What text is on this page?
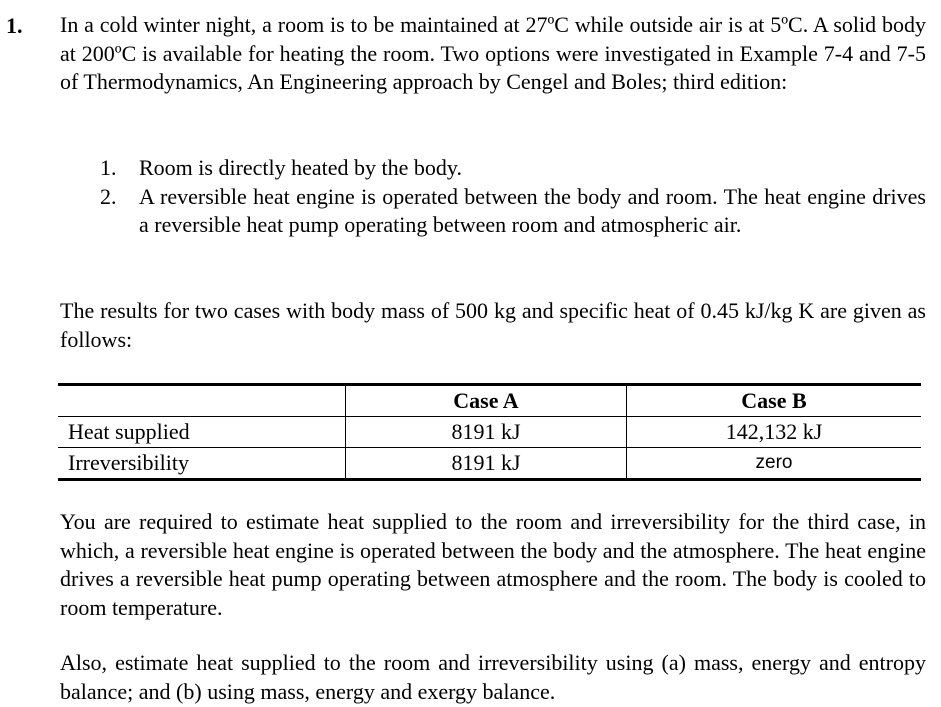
1. In a cold winter night, a room is to be maintained at 27ºC while outside air is at 5ºC. A solid body at 200ºC is available for heating the room. Two options were investigated in Example 7-4 and 7-5 of Thermodynamics, An Engineering approach by Cengel and Boles; third edition:
1. Room is directly heated by the body.
2. A reversible heat engine is operated between the body and room. The heat engine drives a reversible heat pump operating between room and atmospheric air.
The results for two cases with body mass of 500 kg and specific heat of 0.45 kJ/kg K are given as follows:
	Case A	Case B
Heat supplied	8191 kJ	142,132 kJ
Irreversibility	8191 kJ	zero
You are required to estimate heat supplied to the room and irreversibility for the third case, in which, a reversible heat engine is operated between the body and the atmosphere. The heat engine drives a reversible heat pump operating between atmosphere and the room. The body is cooled to room temperature.
Also, estimate heat supplied to the room and irreversibility using (a) mass, energy and entropy balance; and (b) using mass, energy and exergy balance.
